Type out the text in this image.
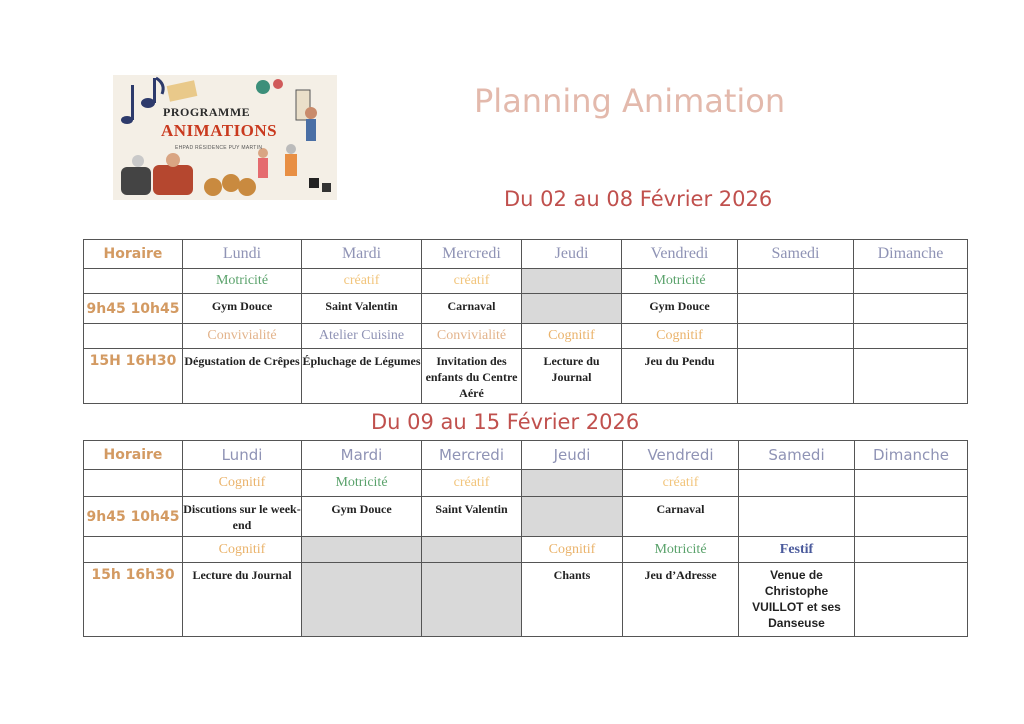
PROGRAMME
ANIMATIONS
EHPAD RÉSIDENCE PUY MARTIN
Planning Animation
Du 02 au 08 Février 2026
Du 09 au 15 Février 2026
Horaire	Lundi	Mardi	Mercredi	Jeudi	Vendredi	Samedi	Dimanche
	Motricité	créatif	créatif		Motricité		
9h45 10h45	Gym Douce	Saint Valentin	Carnaval		Gym Douce		
	Convivialité	Atelier Cuisine	Convivialité	Cognitif	Cognitif		
15H 16H30	Dégustation de Crêpes	Épluchage de Légumes	Invitation des enfants du Centre Aéré	Lecture du Journal	Jeu du Pendu		
Horaire	Lundi	Mardi	Mercredi	Jeudi	Vendredi	Samedi	Dimanche
	Cognitif	Motricité	créatif		créatif		
9h45 10h45	Discutions sur le week-end	Gym Douce	Saint Valentin		Carnaval		
	Cognitif			Cognitif	Motricité	Festif	
15h 16h30	Lecture du Journal			Chants	Jeu d’Adresse	Venue de Christophe VUILLOT et ses Danseuse	
